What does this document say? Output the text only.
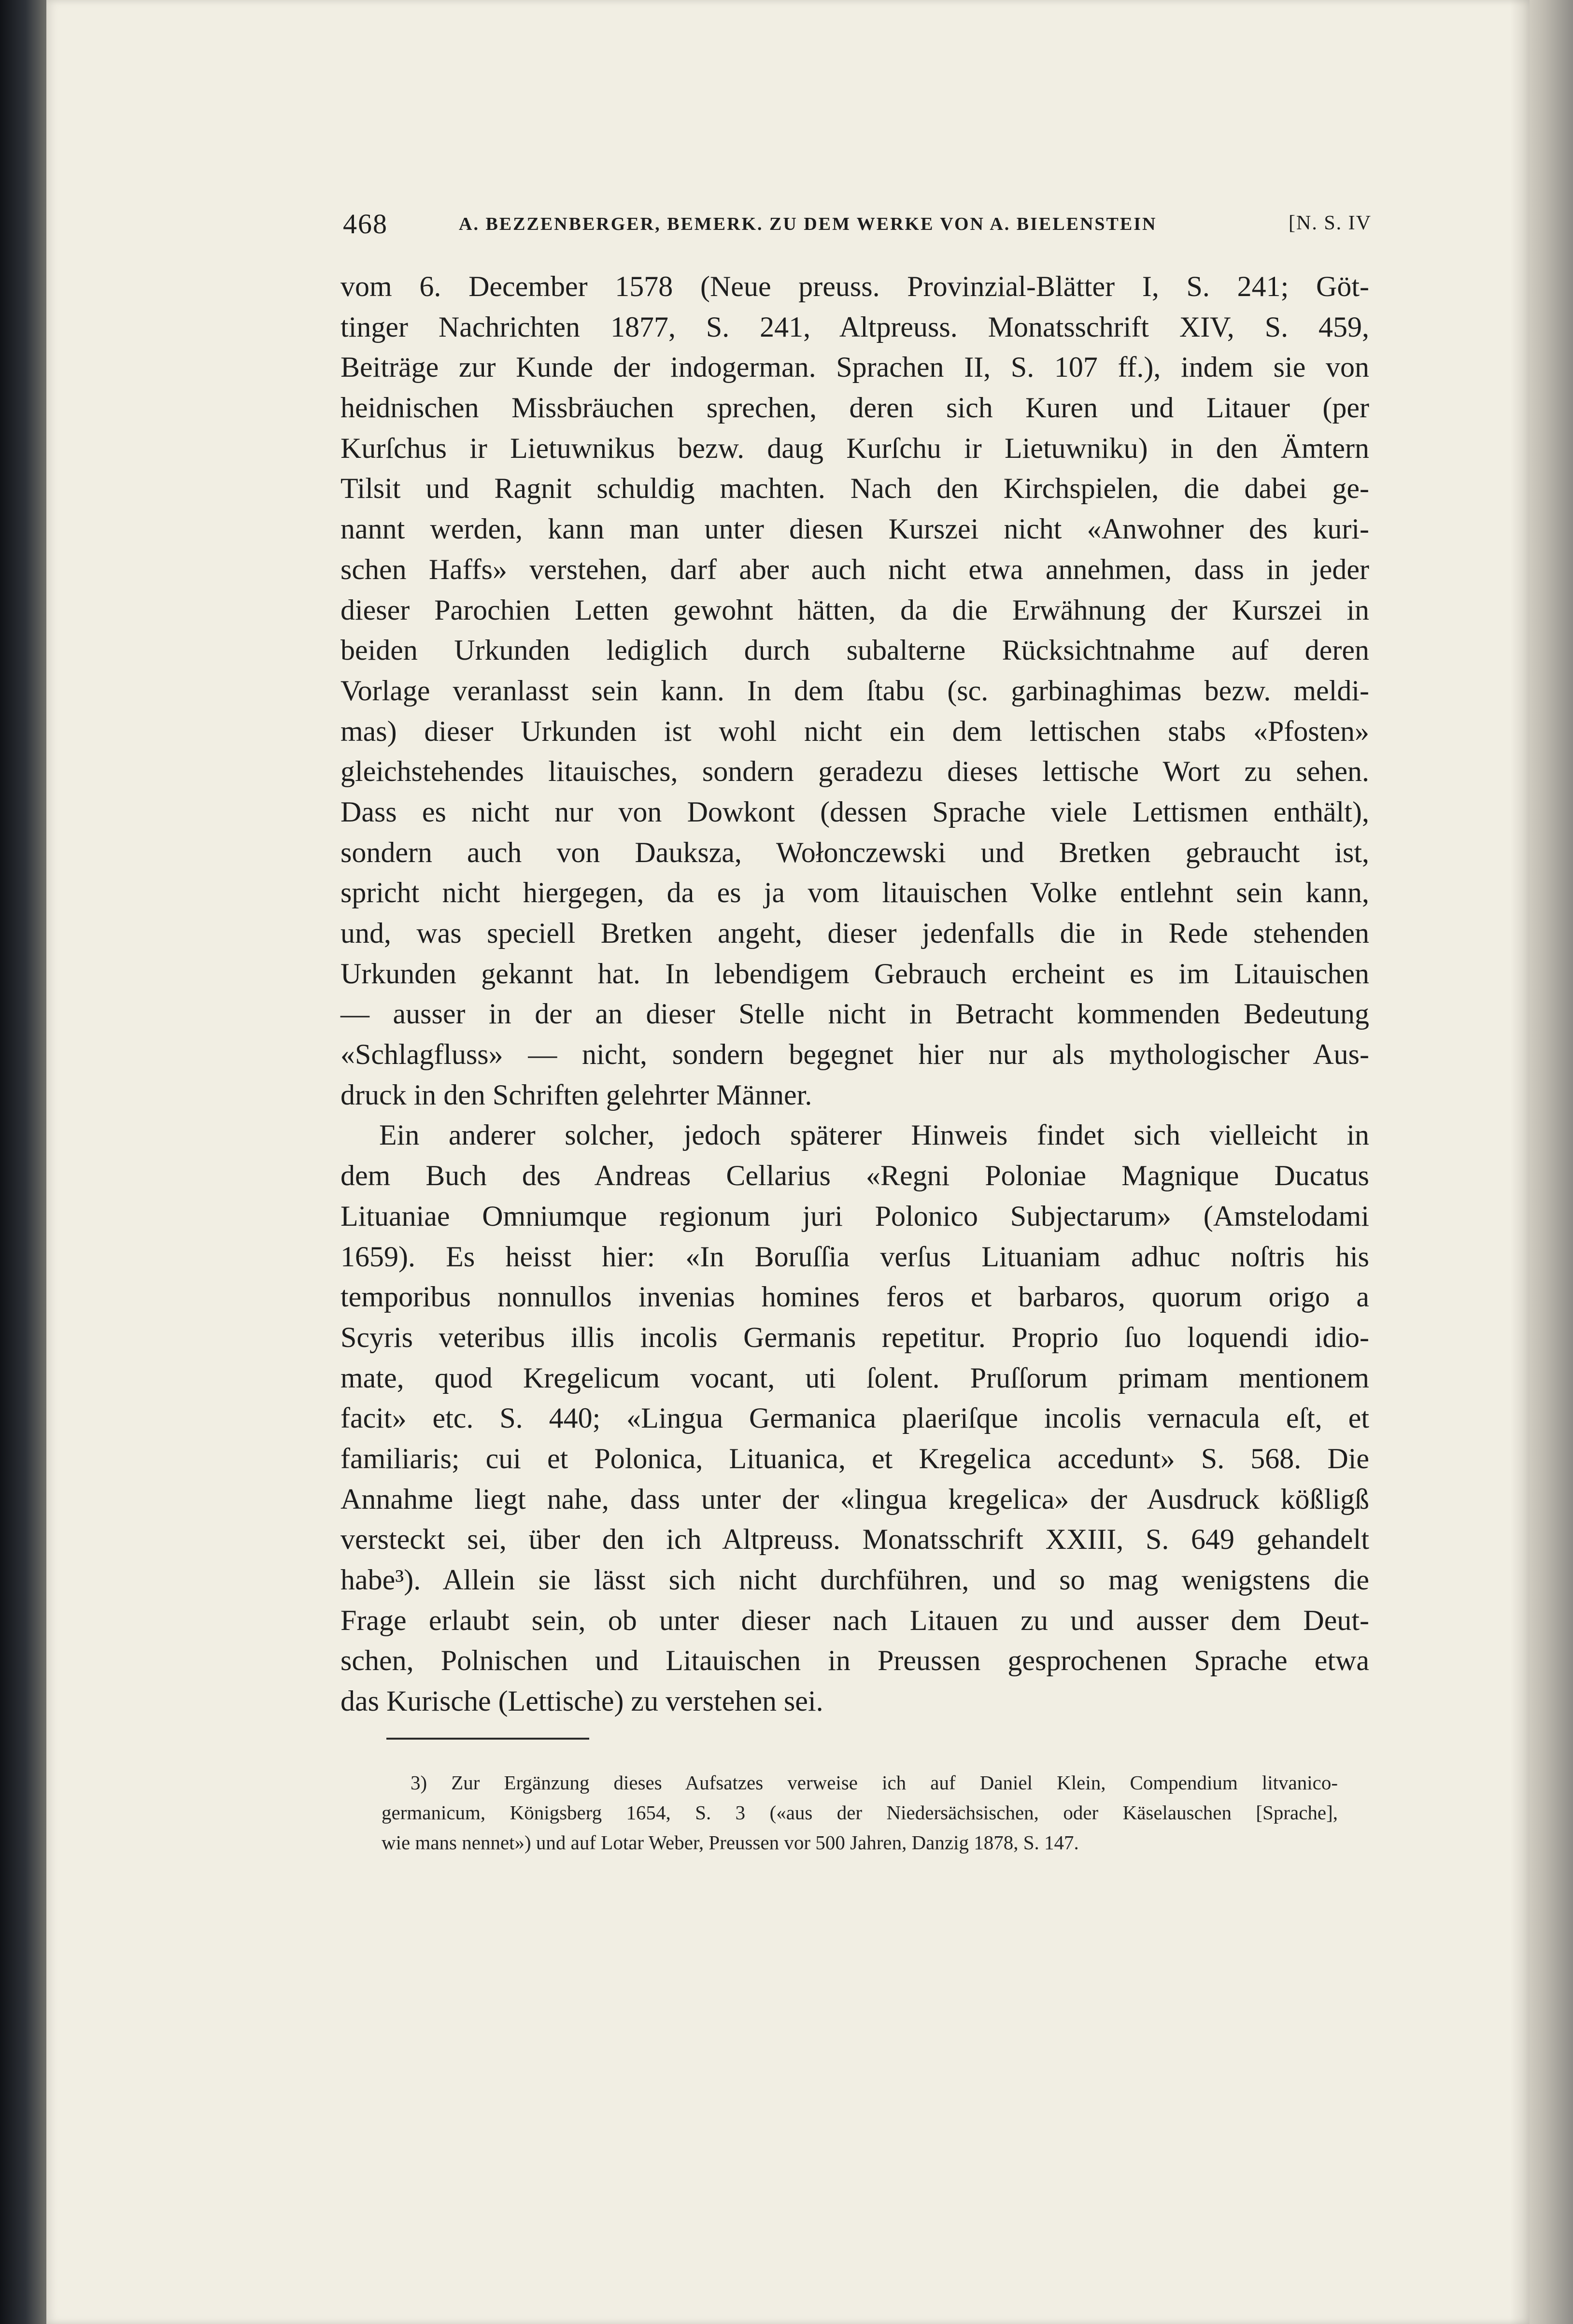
468	A. BEZZENBERGER, BEMERK. ZU DEM WERKE VON A. BIELENSTEIN	[N. S. IV
vom 6. December 1578 (Neue preuss. Provinzial-Blätter I, S. 241; Göt-
tinger Nachrichten 1877, S. 241, Altpreuss. Monatsschrift XIV, S. 459,
Beiträge zur Kunde der indogerman. Sprachen II, S. 107 ff.), indem sie von
heidnischen Missbräuchen sprechen, deren sich Kuren und Litauer (per
Kurſchus ir Lietuwnikus bezw. daug Kurſchu ir Lietuwniku) in den Ämtern
Tilsit und Ragnit schuldig machten. Nach den Kirchspielen, die dabei ge-
nannt werden, kann man unter diesen Kurszei nicht «Anwohner des kuri-
schen Haffs» verstehen, darf aber auch nicht etwa annehmen, dass in jeder
dieser Parochien Letten gewohnt hätten, da die Erwähnung der Kurszei in
beiden Urkunden lediglich durch subalterne Rücksichtnahme auf deren
Vorlage veranlasst sein kann. In dem ſtabu (sc. garbinaghimas bezw. meldi-
mas) dieser Urkunden ist wohl nicht ein dem lettischen stabs «Pfosten»
gleichstehendes litauisches, sondern geradezu dieses lettische Wort zu sehen.
Dass es nicht nur von Dowkont (dessen Sprache viele Lettismen enthält),
sondern auch von Dauksza, Wołonczewski und Bretken gebraucht ist,
spricht nicht hiergegen, da es ja vom litauischen Volke entlehnt sein kann,
und, was speciell Bretken angeht, dieser jedenfalls die in Rede stehenden
Urkunden gekannt hat. In lebendigem Gebrauch ercheint es im Litauischen
— ausser in der an dieser Stelle nicht in Betracht kommenden Bedeutung
«Schlagfluss» — nicht, sondern begegnet hier nur als mythologischer Aus-
druck in den Schriften gelehrter Männer.
Ein anderer solcher, jedoch späterer Hinweis findet sich vielleicht in
dem Buch des Andreas Cellarius «Regni Poloniae Magnique Ducatus
Lituaniae Omniumque regionum juri Polonico Subjectarum» (Amstelodami
1659). Es heisst hier: «In Boruſſia verſus Lituaniam adhuc noſtris his
temporibus nonnullos invenias homines feros et barbaros, quorum origo a
Scyris veteribus illis incolis Germanis repetitur. Proprio ſuo loquendi idio-
mate, quod Kregelicum vocant, uti ſolent. Pruſſorum primam mentionem
facit» etc. S. 440; «Lingua Germanica plaeriſque incolis vernacula eſt, et
familiaris; cui et Polonica, Lituanica, et Kregelica accedunt» S. 568. Die
Annahme liegt nahe, dass unter der «lingua kregelica» der Ausdruck kößligß
versteckt sei, über den ich Altpreuss. Monatsschrift XXIII, S. 649 gehandelt
habe³). Allein sie lässt sich nicht durchführen, und so mag wenigstens die
Frage erlaubt sein, ob unter dieser nach Litauen zu und ausser dem Deut-
schen, Polnischen und Litauischen in Preussen gesprochenen Sprache etwa
das Kurische (Lettische) zu verstehen sei.
3) Zur Ergänzung dieses Aufsatzes verweise ich auf Daniel Klein, Compendium litvanico-
germanicum, Königsberg 1654, S. 3 («aus der Niedersächsischen, oder Käselauschen [Sprache],
wie mans nennet») und auf Lotar Weber, Preussen vor 500 Jahren, Danzig 1878, S. 147.
